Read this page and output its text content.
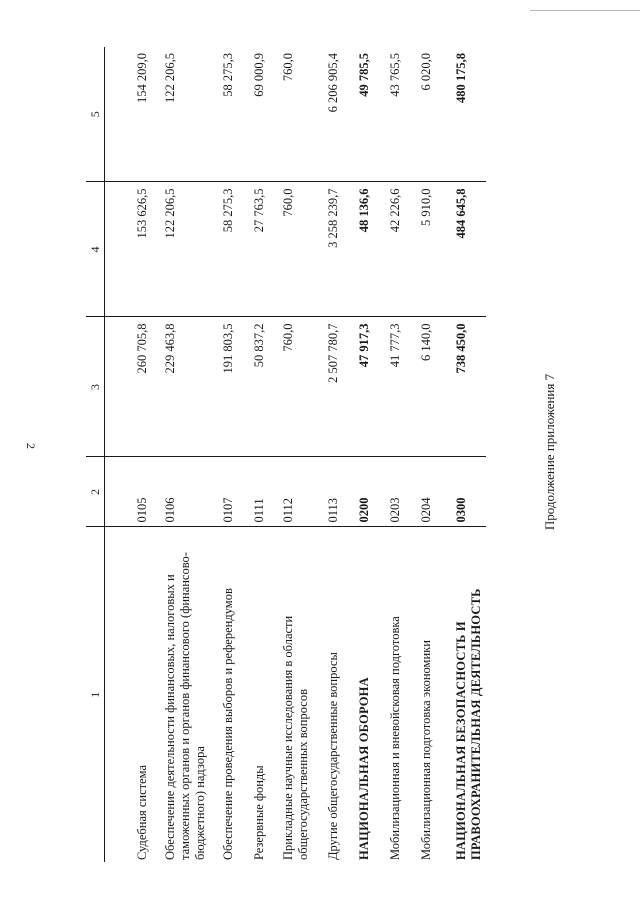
2	Продолжение приложения 7
1	2	3	4	5
Судебная система	0105	260 705,8	153 626,5	154 209,0
Обеспечение деятельности финансовых, налоговых и таможенных органов и органов финансового (финансово-бюджетного) надзора	0106	229 463,8	122 206,5	122 206,5
Обеспечение проведения выборов и референдумов	0107	191 803,5	58 275,3	58 275,3
Резервные фонды	0111	50 837,2	27 763,5	69 000,9
Прикладные научные исследования в области общегосударственных вопросов	0112	760,0	760,0	760,0
Другие общегосударственные вопросы	0113	2 507 780,7	3 258 239,7	6 206 905,4
НАЦИОНАЛЬНАЯ ОБОРОНА	0200	47 917,3	48 136,6	49 785,5
Мобилизационная и вневойсковая подготовка	0203	41 777,3	42 226,6	43 765,5
Мобилизационная подготовка экономики	0204	6 140,0	5 910,0	6 020,0
НАЦИОНАЛЬНАЯ БЕЗОПАСНОСТЬ И ПРАВООХРАНИТЕЛЬНАЯ ДЕЯТЕЛЬНОСТЬ	0300	738 450,0	484 645,8	480 175,8
